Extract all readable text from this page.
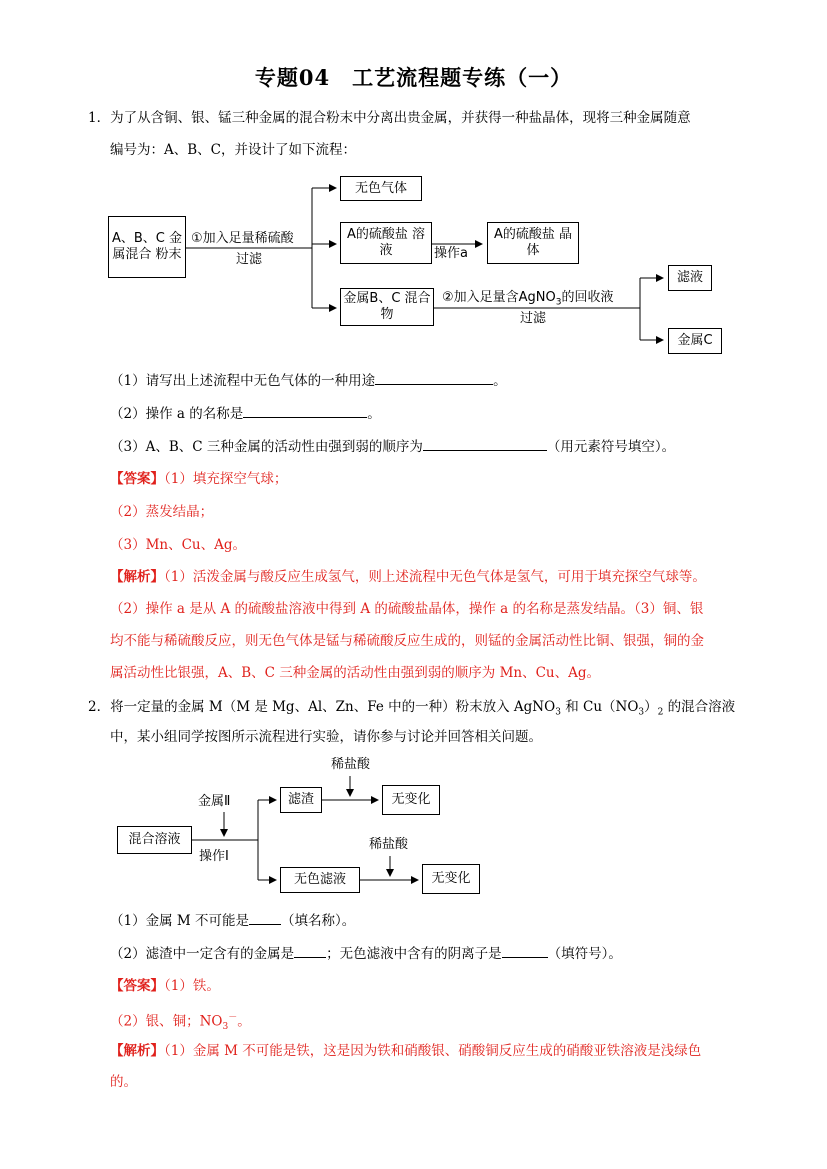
专题04　工艺流程题专练（一）
1．为了从含铜、银、锰三种金属的混合粉末中分离出贵金属，并获得一种盐晶体，现将三种金属随意
编号为：A、B、C，并设计了如下流程：
A、B、C 金属混合 粉末
①加入足量稀硫酸
过滤
无色气体
A的硫酸盐 溶液	操作a
A的硫酸盐 晶体
金属B、C 混合物
②加入足量含AgNO$_3$的回收液
过滤
滤液
金属C
（1）请写出上述流程中无色气体的一种用途	。
（2）操作 a 的名称是	。
（3）A、B、C 三种金属的活动性由强到弱的顺序为	（用元素符号填空）。
【答案】（1）填充探空气球；
（2）蒸发结晶；
（3）Mn、Cu、Ag。
【解析】（1）活泼金属与酸反应生成氢气，则上述流程中无色气体是氢气，可用于填充探空气球等。
（2）操作 a 是从 A 的硫酸盐溶液中得到 A 的硫酸盐晶体，操作 a 的名称是蒸发结晶。（3）铜、银
均不能与稀硫酸反应，则无色气体是锰与稀硫酸反应生成的，则锰的金属活动性比铜、银强，铜的金
属活动性比银强，A、B、C 三种金属的活动性由强到弱的顺序为 Mn、Cu、Ag。
2．将一定量的金属 M（M 是 Mg、Al、Zn、Fe 中的一种）粉末放入 AgNO$_3$ 和 $Cu(NO_3)_2$ 的混合溶液
中，某小组同学按图所示流程进行实验，请你参与讨论并回答相关问题。
混合溶液
金属Ⅱ
操作Ⅰ
滤渣
稀盐酸
无变化
无色滤液
稀盐酸
无变化
（1）金属 M 不可能是 （填名称）。
（2）滤渣中一定含有的金属是 ；无色滤液中含有的阴离子是	（填符号）。
【答案】（1）铁。
（2）银、铜；$NO_3^-$。
【解析】（1）金属 M 不可能是铁，这是因为铁和硝酸银、硝酸铜反应生成的硝酸亚铁溶液是浅绿色
的。
